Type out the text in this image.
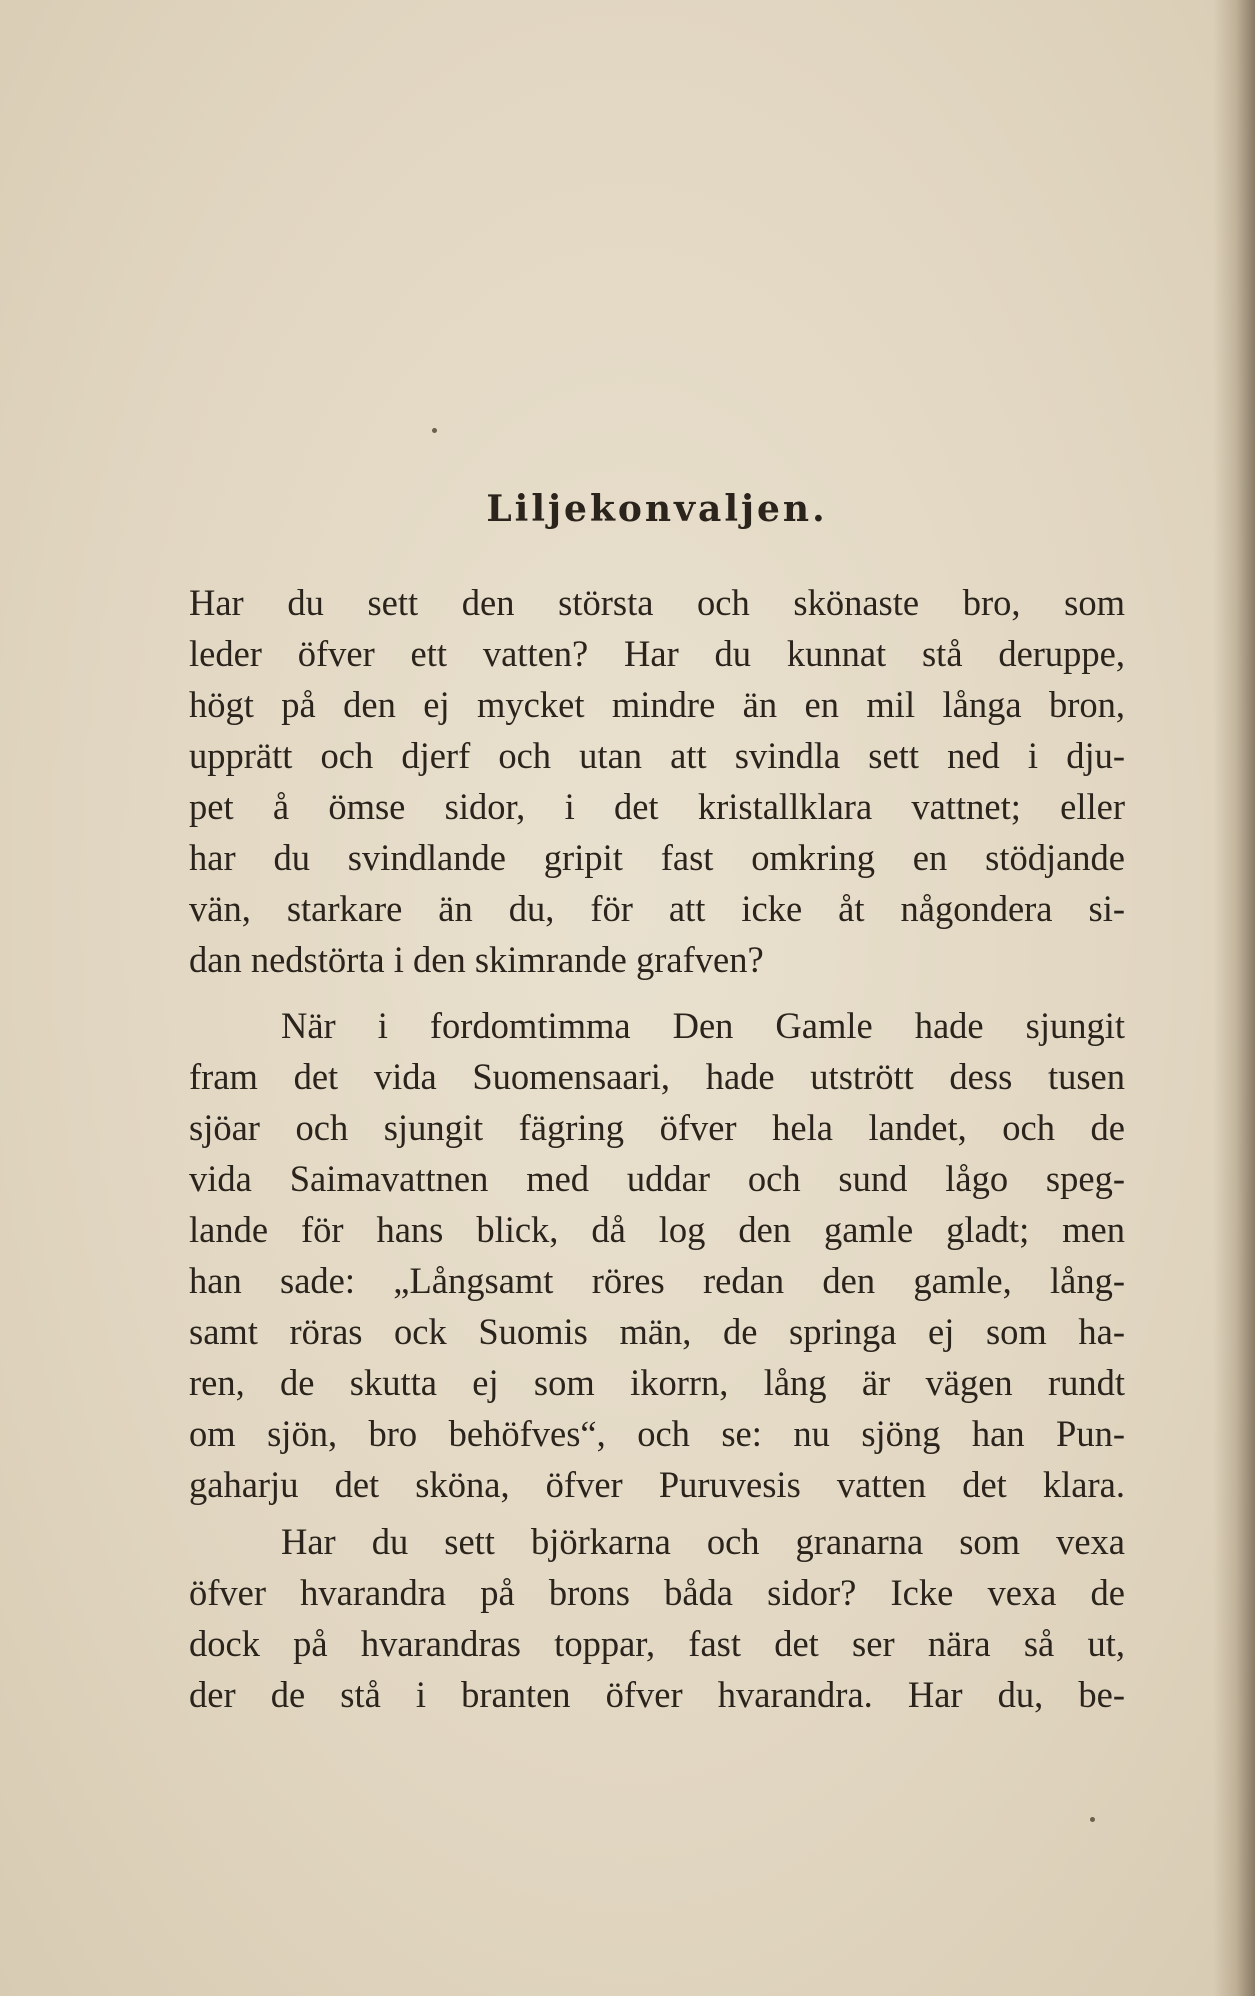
Liljekonvaljen.
Har du sett den största och skönaste bro, som
leder öfver ett vatten? Har du kunnat stå deruppe,
högt på den ej mycket mindre än en mil långa bron,
upprätt och djerf och utan att svindla sett ned i dju-
pet å ömse sidor, i det kristallklara vattnet; eller
har du svindlande gripit fast omkring en stödjande
vän, starkare än du, för att icke åt någondera si-
dan nedstörta i den skimrande grafven?
När i fordomtimma Den Gamle hade sjungit
fram det vida Suomensaari, hade utstrött dess tusen
sjöar och sjungit fägring öfver hela landet, och de
vida Saimavattnen med uddar och sund lågo speg-
lande för hans blick, då log den gamle gladt; men
han sade: „Långsamt röres redan den gamle, lång-
samt röras ock Suomis män, de springa ej som ha-
ren, de skutta ej som ikorrn, lång är vägen rundt
om sjön, bro behöfves“, och se: nu sjöng han Pun-
gaharju det sköna, öfver Puruvesis vatten det klara.
Har du sett björkarna och granarna som vexa
öfver hvarandra på brons båda sidor? Icke vexa de
dock på hvarandras toppar, fast det ser nära så ut,
der de stå i branten öfver hvarandra. Har du, be-
